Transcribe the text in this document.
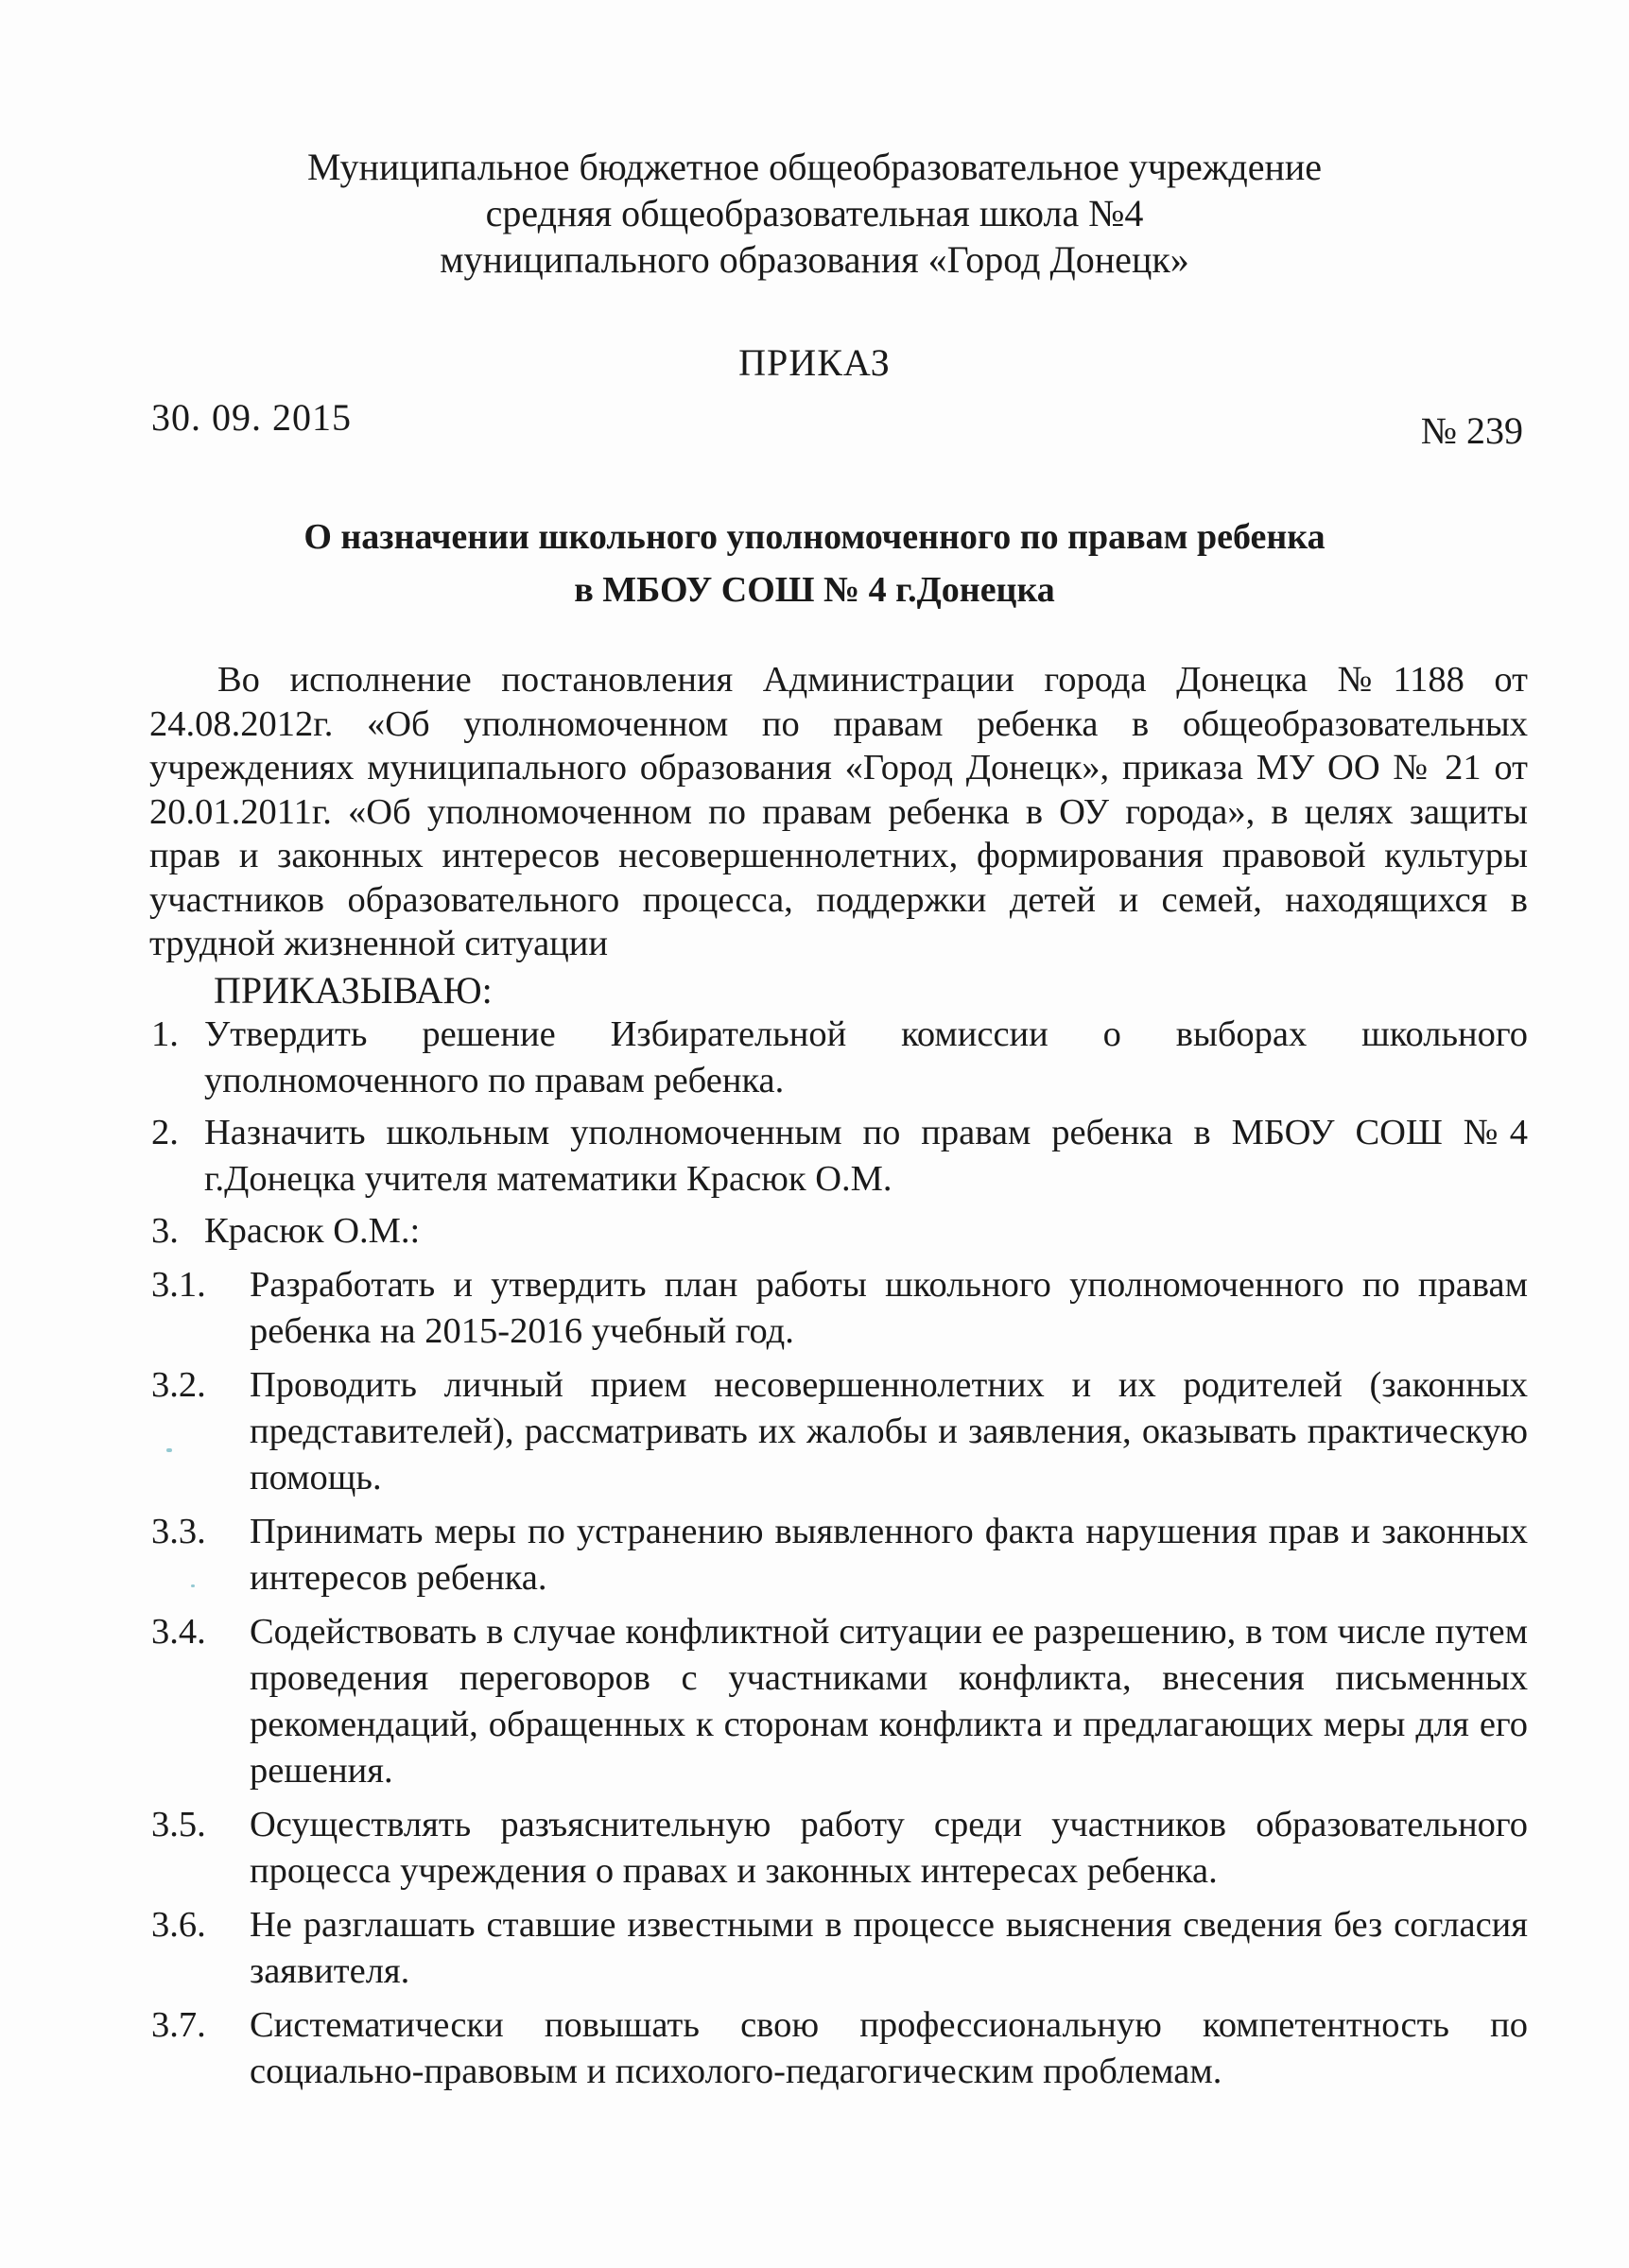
Муниципальное бюджетное общеобразовательное учреждение
средняя общеобразовательная школа №4
муниципального образования «Город Донецк»
ПРИКАЗ
30. 09. 2015	№ 239
О назначении школьного уполномоченного по правам ребенка
в МБОУ СОШ № 4 г.Донецка
Во исполнение постановления Администрации города Донецка №1188 от 24.08.2012г. «Об уполномоченном по правам ребенка в общеобразовательных учреждениях муниципального образования «Город Донецк», приказа МУ ОО № 21 от 20.01.2011г. «Об уполномоченном по правам ребенка в ОУ города», в целях защиты прав и законных интересов несовершеннолетних, формирования правовой культуры участников образовательного процесса, поддержки детей и семей, находящихся в трудной жизненной ситуации
ПРИКАЗЫВАЮ:
1. Утвердить решение Избирательной комиссии о выборах школьного уполномоченного по правам ребенка.
2. Назначить школьным уполномоченным по правам ребенка в МБОУ СОШ №4 г.Донецка учителя математики Красюк О.М.
3. Красюк О.М.:
3.1.	Разработать и утвердить план работы школьного уполномоченного по правам ребенка на 2015-2016 учебный год.
3.2.	Проводить личный прием несовершеннолетних и их родителей (законных представителей), рассматривать их жалобы и заявления, оказывать практическую помощь.
3.3.	Принимать меры по устранению выявленного факта нарушения прав и законных интересов ребенка.
3.4.	Содействовать в случае конфликтной ситуации ее разрешению, в том числе путем проведения переговоров с участниками конфликта, внесения письменных рекомендаций, обращенных к сторонам конфликта и предлагающих меры для его решения.
3.5.	Осуществлять разъяснительную работу среди участников образовательного процесса учреждения о правах и законных интересах ребенка.
3.6.	Не разглашать ставшие известными в процессе выяснения сведения без согласия заявителя.
3.7.	Систематически повышать свою профессиональную компетентность по социально-правовым и психолого-педагогическим проблемам.
